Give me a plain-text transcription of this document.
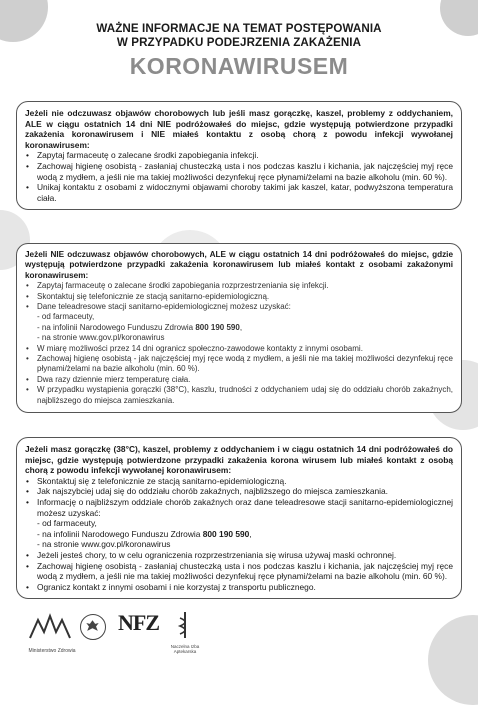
WAŻNE INFORMACJE NA TEMAT POSTĘPOWANIA
W PRZYPADKU PODEJRZENIA ZAKAŻENIA
KORONAWIRUSEM
Jeżeli nie odczuwasz objawów chorobowych lub jeśli masz gorączkę, kaszel, problemy z oddychaniem, ALE w ciągu ostatnich 14 dni NIE podróżowałeś do miejsc, gdzie występują potwierdzone przypadki zakażenia koronawirusem i NIE miałeś kontaktu z osobą chorą z powodu infekcji wywołanej koronawirusem:
• Zapytaj farmaceutę o zalecane środki zapobiegania infekcji.
• Zachowaj higienę osobistą - zasłaniaj chusteczką usta i nos podczas kaszlu i kichania, jak najczęściej myj ręce wodą z mydłem, a jeśli nie ma takiej możliwości dezynfekuj ręce płynami/żelami na bazie alkoholu (min. 60 %).
• Unikaj kontaktu z osobami z widocznymi objawami choroby takimi jak kaszel, katar, podwyższona temperatura ciała.
Jeżeli NIE odczuwasz objawów chorobowych, ALE w ciągu ostatnich 14 dni podróżowałeś do miejsc, gdzie występują potwierdzone przypadki zakażenia koronawirusem lub miałeś kontakt z osobami zakażonymi koronawirusem:
• Zapytaj farmaceutę o zalecane środki zapobiegania rozprzestrzeniania się infekcji.
• Skontaktuj się telefonicznie ze stacją sanitarno-epidemiologiczną.
• Dane teleadresowe stacji sanitarno-epidemiologicznej możesz uzyskać:
- od farmaceuty,
- na infolinii Narodowego Funduszu Zdrowia 800 190 590,
- na stronie www.gov.pl/koronawirus
• W miarę możliwości przez 14 dni ogranicz społeczno-zawodowe kontakty z innymi osobami.
• Zachowaj higienę osobistą - jak najczęściej myj ręce wodą z mydłem, a jeśli nie ma takiej możliwości dezynfekuj ręce płynami/żelami na bazie alkoholu (min. 60 %).
• Dwa razy dziennie mierz temperaturę ciała.
• W przypadku wystąpienia gorączki (38°C), kaszlu, trudności z oddychaniem udaj się do oddziału chorób zakaźnych, najbliższego do miejsca zamieszkania.
Jeżeli masz gorączkę (38°C), kaszel, problemy z oddychaniem i w ciągu ostatnich 14 dni podróżowałeś do miejsc, gdzie występują potwierdzone przypadki zakażenia korona wirusem lub miałeś kontakt z osobą chorą z powodu infekcji wywołanej koronawirusem:
• Skontaktuj się z telefonicznie ze stacją sanitarno-epidemiologiczną.
• Jak najszybciej udaj się do oddziału chorób zakaźnych, najbliższego do miejsca zamieszkania.
• Informację o najbliższym oddziale chorób zakaźnych oraz dane teleadresowe stacji sanitarno-epidemiologicznej możesz uzyskać:
- od farmaceuty,
- na infolinii Narodowego Funduszu Zdrowia 800 190 590,
- na stronie www.gov.pl/koronawirus
• Jeżeli jesteś chory, to w celu ograniczenia rozprzestrzeniania się wirusa używaj maski ochronnej.
• Zachowaj higienę osobistą - zasłaniaj chusteczką usta i nos podczas kaszlu i kichania, jak najczęściej myj ręce wodą z mydłem, a jeśli nie ma takiej możliwości dezynfekuj ręce płynami/żelami na bazie alkoholu (min. 60 %).
• Ogranicz kontakt z innymi osobami i nie korzystaj z transportu publicznego.
Ministerstwo Zdrowia
NFZ
Naczelna Izba Aptekarska
